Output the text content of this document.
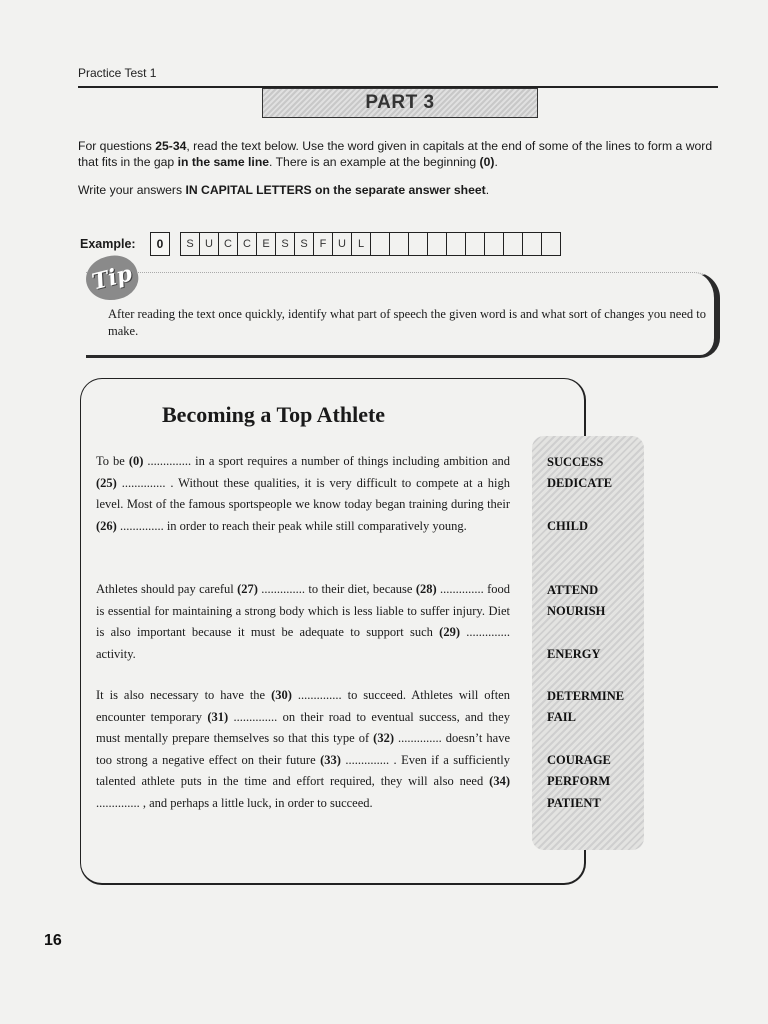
Practice Test 1
PART 3

For questions 25-34, read the text below. Use the word given in capitals at the end of some of the lines to form a word that fits in the gap in the same line. There is an example at the beginning (0).

Write your answers IN CAPITAL LETTERS on the separate answer sheet.

Example:	0	S	U	C	C	E	S	S	F	U	L
Tip
After reading the text once quickly, identify what part of speech the given word is and what sort of changes you need to make.
Becoming a Top Athlete

To be (0) .............. in a sport requires a number of things including ambition and (25) .............. . Without these qualities, it is very difficult to compete at a high level. Most of the famous sportspeople we know today began training during their (26) .............. in order to reach their peak while still comparatively young.

Athletes should pay careful (27) .............. to their diet, because (28) .............. food is essential for maintaining a strong body which is less liable to suffer injury. Diet is also important because it must be adequate to support such (29) .............. activity.

It is also necessary to have the (30) .............. to succeed. Athletes will often encounter temporary (31) .............. on their road to eventual success, and they must mentally prepare themselves so that this type of (32) .............. doesn’t have too strong a negative effect on their future (33) .............. . Even if a sufficiently talented athlete puts in the time and effort required, they will also need (34) .............. , and perhaps a little luck, in order to succeed.

SUCCESS
DEDICATE
CHILD
ATTEND
NOURISH
ENERGY
DETERMINE
FAIL
COURAGE
PERFORM
PATIENT
16
